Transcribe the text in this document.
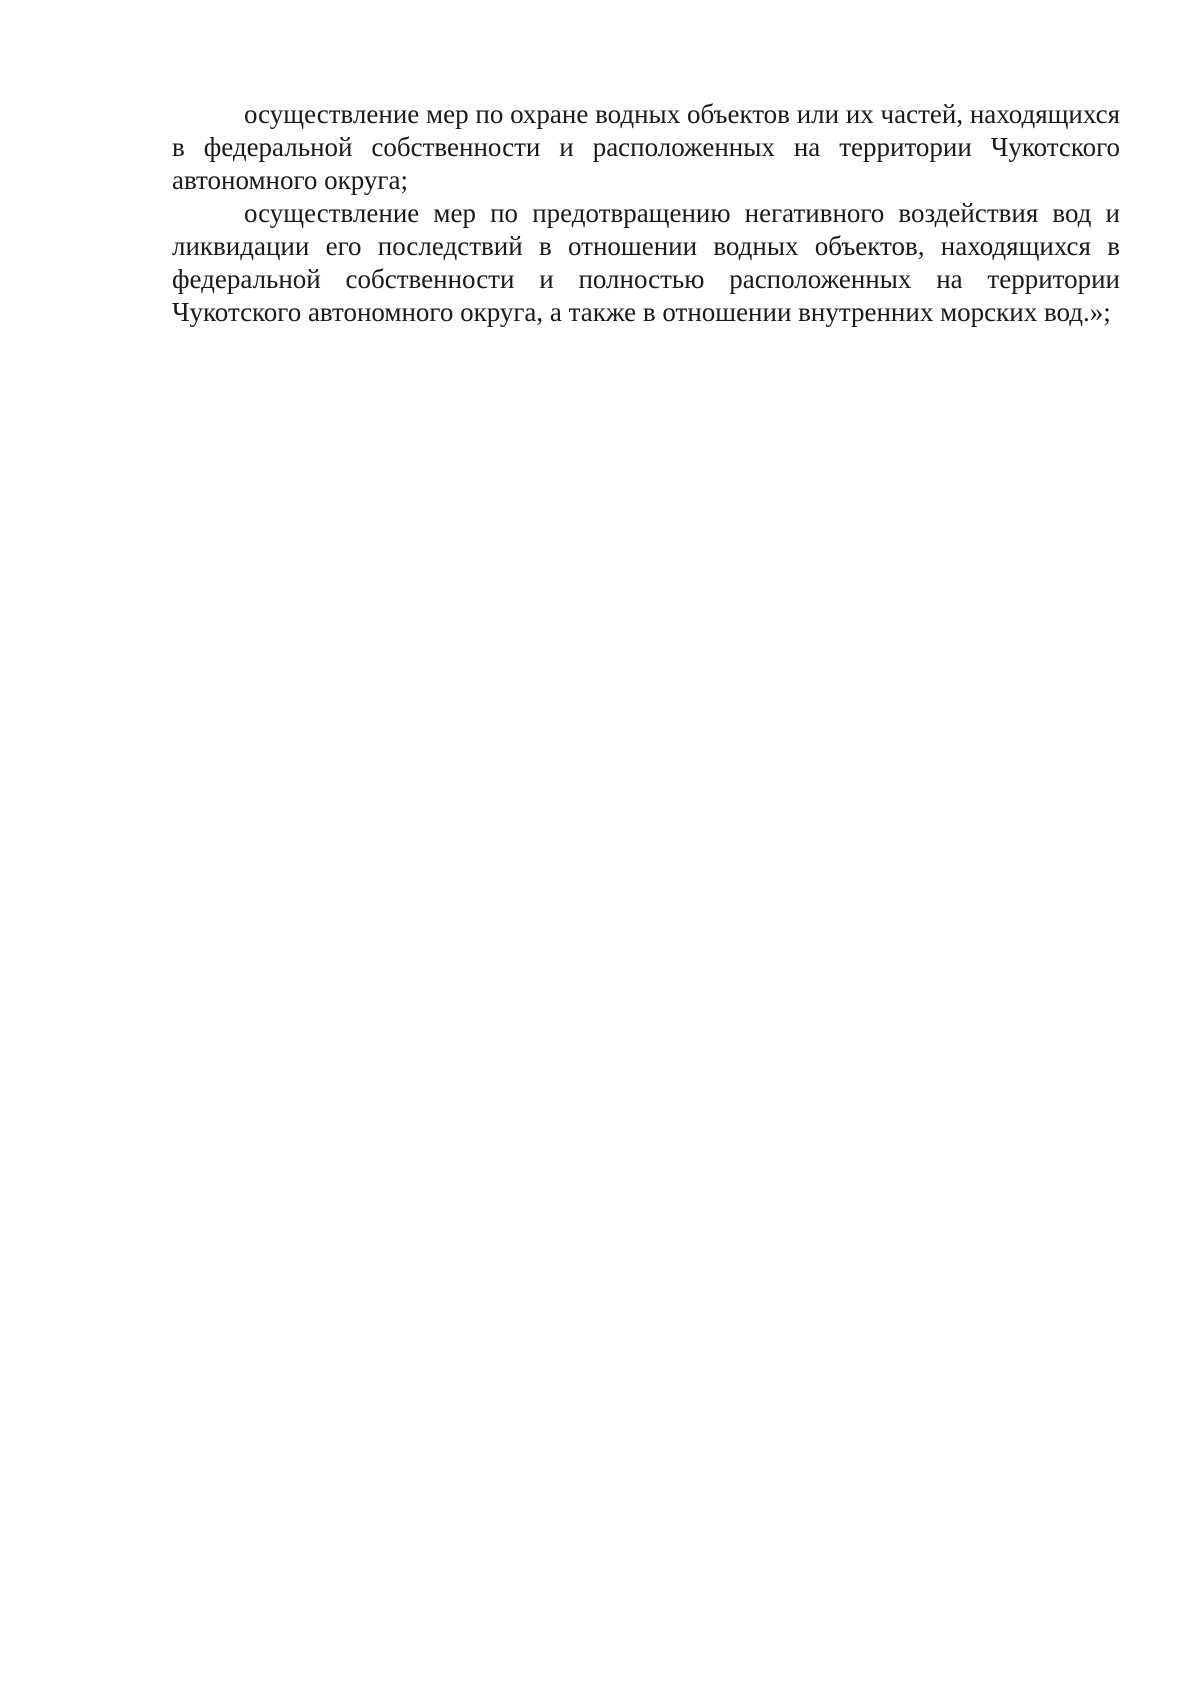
осуществление мер по охране водных объектов или их частей, находящихся в федеральной собственности и расположенных на территории Чукотского автономного округа;

осуществление мер по предотвращению негативного воздействия вод и ликвидации его последствий в отношении водных объектов, находящихся в федеральной собственности и полностью расположенных на территории Чукотского автономного округа, а также в отношении внутренних морских вод.»;
